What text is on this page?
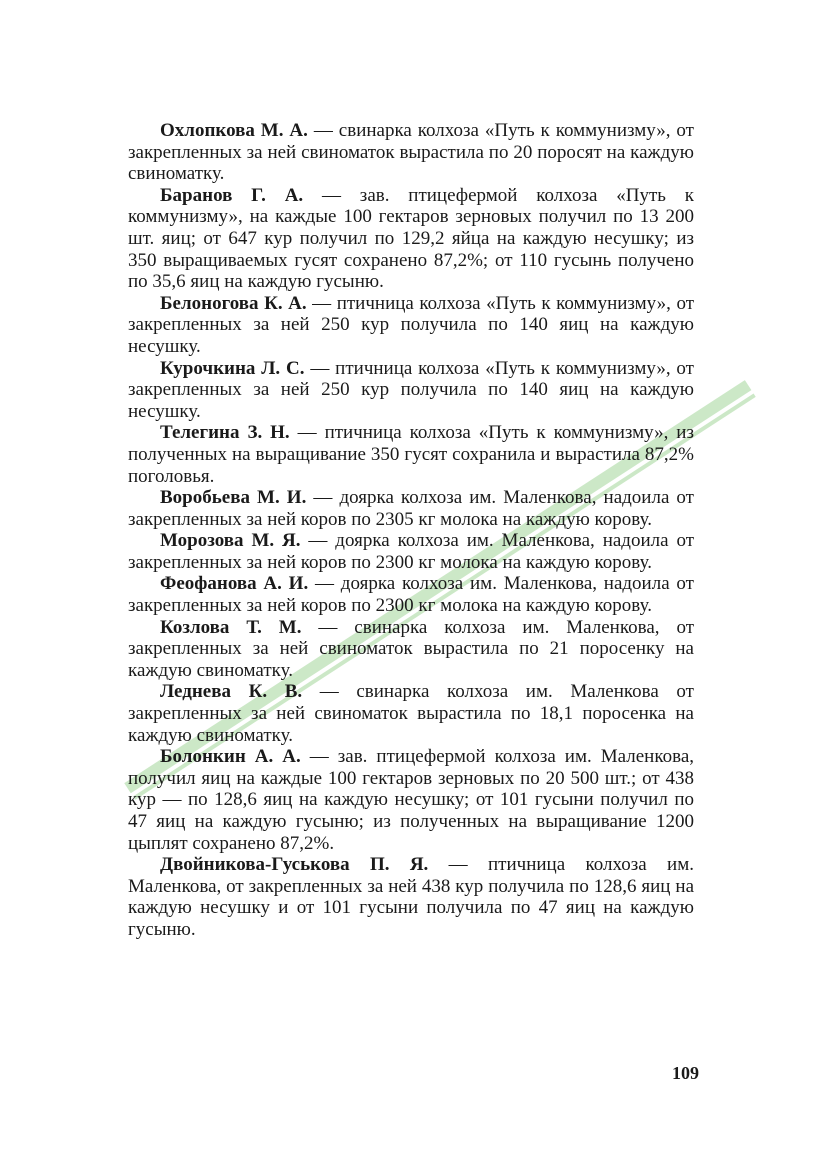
Охлопкова М. А. — свинарка колхоза «Путь к коммунизму», от закрепленных за ней свиноматок вырастила по 20 поросят на каждую свиноматку.

Баранов Г. А. — зав. птицефермой колхоза «Путь к коммунизму», на каждые 100 гектаров зерновых получил по 13 200 шт. яиц; от 647 кур получил по 129,2 яйца на каждую несушку; из 350 выращиваемых гусят сохранено 87,2%; от 110 гусынь получено по 35,6 яиц на каждую гусыню.

Белоногова К. А. — птичница колхоза «Путь к коммунизму», от закрепленных за ней 250 кур получила по 140 яиц на каждую несушку.

Курочкина Л. С. — птичница колхоза «Путь к коммунизму», от закрепленных за ней 250 кур получила по 140 яиц на каждую несушку.

Телегина З. Н. — птичница колхоза «Путь к коммунизму», из полученных на выращивание 350 гусят сохранила и вырастила 87,2% поголовья.

Воробьева М. И. — доярка колхоза им. Маленкова, надоила от закрепленных за ней коров по 2305 кг молока на каждую корову.

Морозова М. Я. — доярка колхоза им. Маленкова, надоила от закрепленных за ней коров по 2300 кг молока на каждую корову.

Феофанова А. И. — доярка колхоза им. Маленкова, надоила от закрепленных за ней коров по 2300 кг молока на каждую корову.

Козлова Т. М. — свинарка колхоза им. Маленкова, от закрепленных за ней свиноматок вырастила по 21 поросенку на каждую свиноматку.

Леднева К. В. — свинарка колхоза им. Маленкова от закрепленных за ней свиноматок вырастила по 18,1 поросенка на каждую свиноматку.

Болонкин А. А. — зав. птицефермой колхоза им. Маленкова, получил яиц на каждые 100 гектаров зерновых по 20 500 шт.; от 438 кур — по 128,6 яиц на каждую несушку; от 101 гусыни получил по 47 яиц на каждую гусыню; из полученных на выращивание 1200 цыплят сохранено 87,2%.

Двойникова-Гуськова П. Я. — птичница колхоза им. Маленкова, от закрепленных за ней 438 кур получила по 128,6 яиц на каждую несушку и от 101 гусыни получила по 47 яиц на каждую гусыню.

109
